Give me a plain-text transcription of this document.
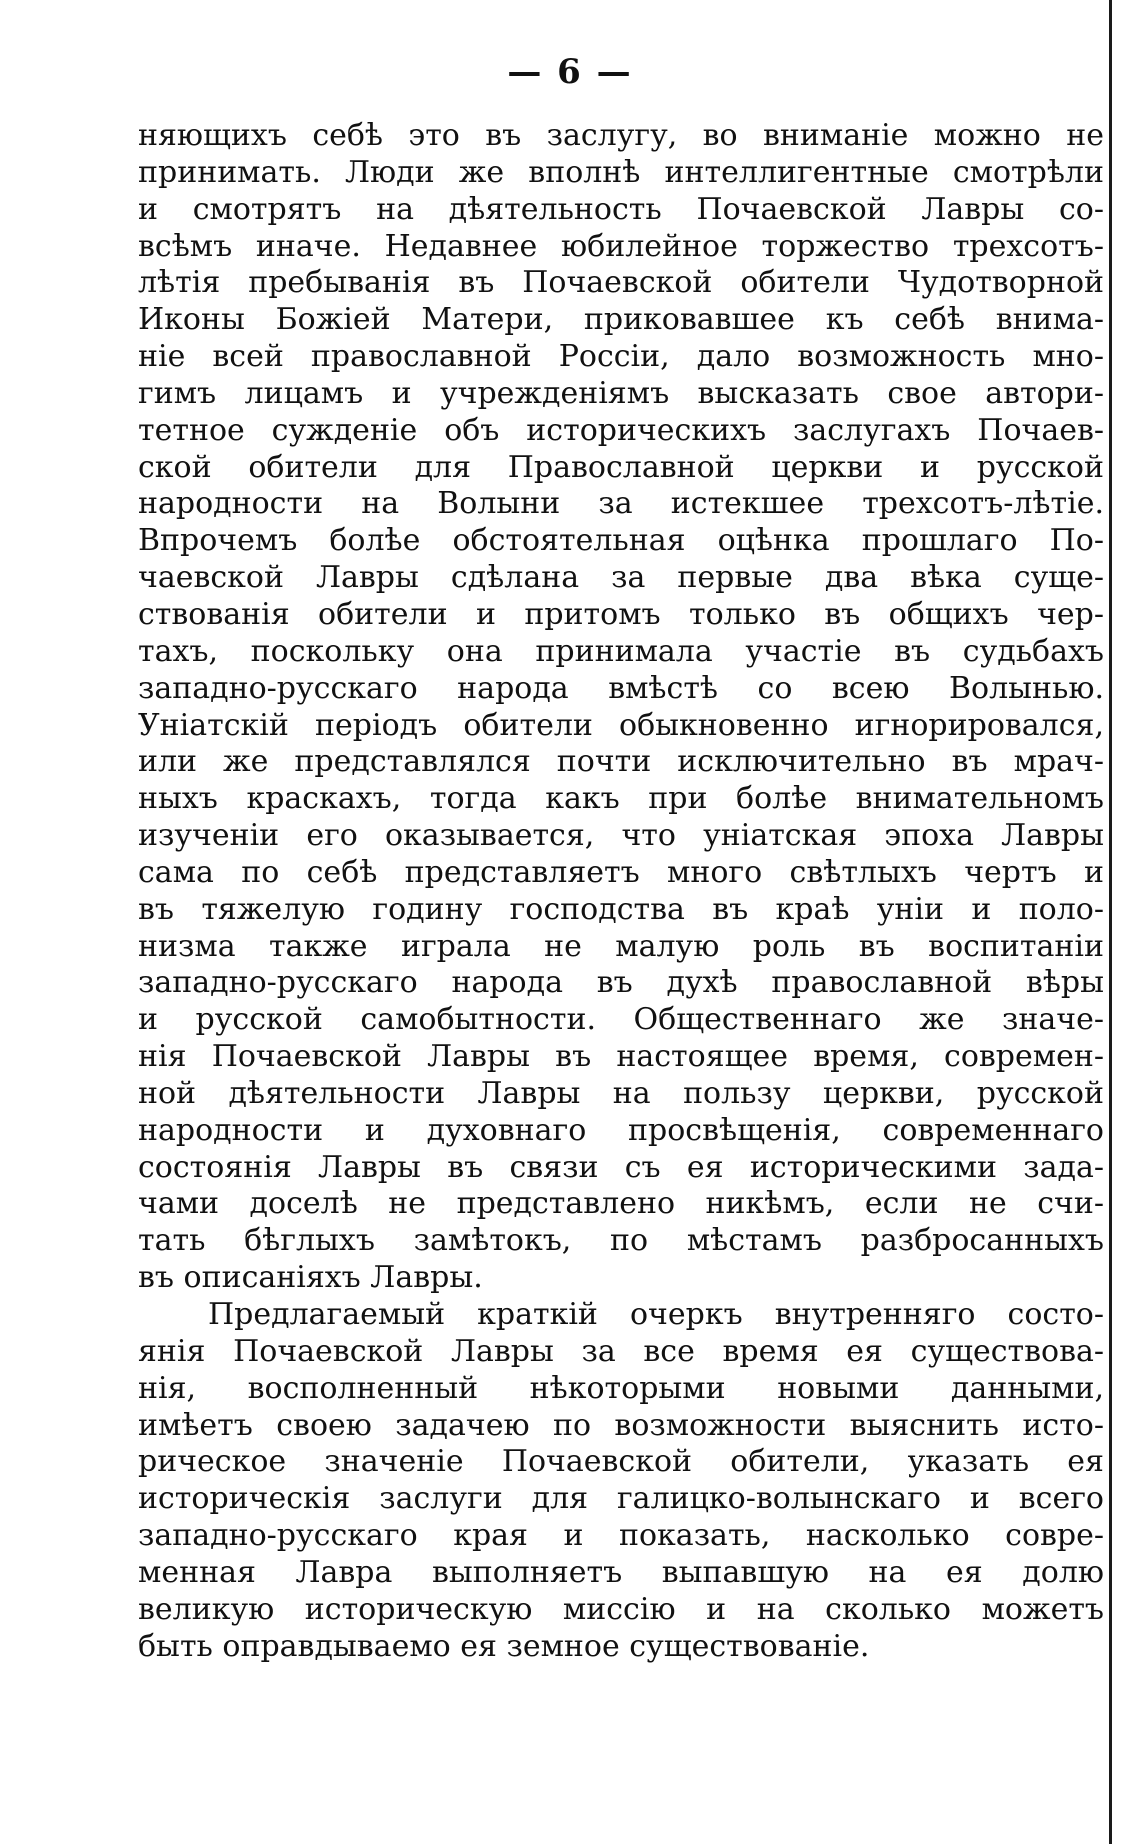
— 6 —
няющихъ себѣ это въ заслугу, во вниманіе можно не
принимать. Люди же вполнѣ интеллигентные смотрѣли
и смотрятъ на дѣятельность Почаевской Лавры со-
всѣмъ иначе. Недавнее юбилейное торжество трехсотъ-
лѣтія пребыванія въ Почаевской обители Чудотворной
Иконы Божіей Матери, приковавшее къ себѣ внима-
ніе всей православной Россіи, дало возможность мно-
гимъ лицамъ и учрежденіямъ высказать свое автори-
тетное сужденіе объ историческихъ заслугахъ Почаев-
ской обители для Православной церкви и русской
народности на Волыни за истекшее трехсотъ-лѣтіе.
Впрочемъ болѣе обстоятельная оцѣнка прошлаго По-
чаевской Лавры сдѣлана за первые два вѣка суще-
ствованія обители и притомъ только въ общихъ чер-
тахъ, поскольку она принимала участіе въ судьбахъ
западно-русскаго народа вмѣстѣ со всею Волынью.
Уніатскій періодъ обители обыкновенно игнорировался,
или же представлялся почти исключительно въ мрач-
ныхъ краскахъ, тогда какъ при болѣе внимательномъ
изученіи его оказывается, что уніатская эпоха Лавры
сама по себѣ представляетъ много свѣтлыхъ чертъ и
въ тяжелую годину господства въ краѣ уніи и поло-
низма также играла не малую роль въ воспитаніи
западно-русскаго народа въ духѣ православной вѣры
и русской самобытности. Общественнаго же значе-
нія Почаевской Лавры въ настоящее время, современ-
ной дѣятельности Лавры на пользу церкви, русской
народности и духовнаго просвѣщенія, современнаго
состоянія Лавры въ связи съ ея историческими зада-
чами доселѣ не представлено никѣмъ, если не счи-
тать бѣглыхъ замѣтокъ, по мѣстамъ разбросанныхъ
въ описаніяхъ Лавры.
Предлагаемый краткій очеркъ внутренняго состо-
янія Почаевской Лавры за все время ея существова-
нія, восполненный нѣкоторыми новыми данными,
имѣетъ своею задачею по возможности выяснить исто-
рическое значеніе Почаевской обители, указать ея
историческія заслуги для галицко-волынскаго и всего
западно-русскаго края и показать, насколько совре-
менная Лавра выполняетъ выпавшую на ея долю
великую историческую миссію и на сколько можетъ
быть оправдываемо ея земное существованіе.
